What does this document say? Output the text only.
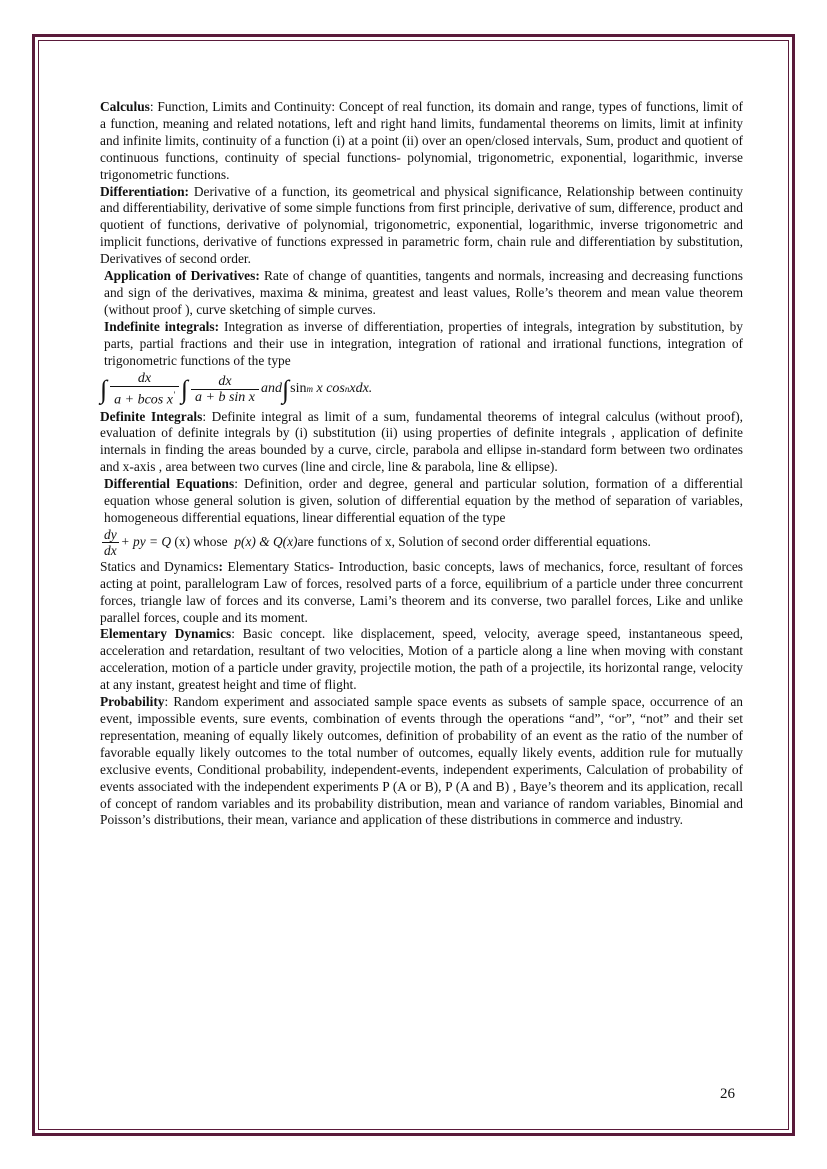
Calculus: Function, Limits and Continuity: Concept of real function, its domain and range, types of functions, limit of a function, meaning and related notations, left and right hand limits, fundamental theorems on limits, limit at infinity and infinite limits, continuity of a function (i) at a point (ii) over an open/closed intervals, Sum, product and quotient of continuous functions, continuity of special functions- polynomial, trigonometric, exponential, logarithmic, inverse trigonometric functions.

Differentiation: Derivative of a function, its geometrical and physical significance, Relationship between continuity and differentiability, derivative of some simple functions from first principle, derivative of sum, difference, product and quotient of functions, derivative of polynomial, trigonometric, exponential, logarithmic, inverse trigonometric and implicit functions, derivative of functions expressed in parametric form, chain rule and differentiation by substitution, Derivatives of second order.

Application of Derivatives: Rate of change of quantities, tangents and normals, increasing and decreasing functions and sign of the derivatives, maxima & minima, greatest and least values, Rolle’s theorem and mean value theorem (without proof ), curve sketching of simple curves.

Indefinite integrals: Integration as inverse of differentiation, properties of integrals, integration by substitution, by parts, partial fractions and their use in integration, integration of rational and irrational functions, integration of trigonometric functions of the type

∫ $\frac{dx}{a + bcos x'}$ ∫ $\frac{dx}{\text{a + b sin x}}$ and ∫ sin m
x cos n xdx.

Definite Integrals: Definite integral as limit of a sum, fundamental theorems of integral calculus (without proof), evaluation of definite integrals by (i) substitution (ii) using properties of definite integrals , application of definite internals in finding the areas bounded by a curve, circle, parabola and ellipse in-standard form between two ordinates and x-axis , area between two curves (line and circle, line & parabola, line & ellipse).

Differential Equations: Definition, order and degree, general and particular solution, formation of a differential equation whose general solution is given, solution of differential equation by the method of separation of variables, homogeneous differential equations, linear differential equation of the type

$\frac{dy}{dx}$ + py = Q (x) whose p(x) & Q(x) are functions of x, Solution of second order differential equations.

Statics and Dynamics: Elementary Statics- Introduction, basic concepts, laws of mechanics, force, resultant of forces acting at point, parallelogram Law of forces, resolved parts of a force, equilibrium of a particle under three concurrent forces, triangle law of forces and its converse, Lami’s theorem and its converse, two parallel forces, Like and unlike parallel forces, couple and its moment.

Elementary Dynamics: Basic concept. like displacement, speed, velocity, average speed, instantaneous speed, acceleration and retardation, resultant of two velocities, Motion of a particle along a line when moving with constant acceleration, motion of a particle under gravity, projectile motion, the path of a projectile, its horizontal range, velocity at any instant, greatest height and time of flight.

Probability: Random experiment and associated sample space events as subsets of sample space, occurrence of an event, impossible events, sure events, combination of events through the operations “and”, “or”, “not” and their set representation, meaning of equally likely outcomes, definition of probability of an event as the ratio of the number of favorable equally likely outcomes to the total number of outcomes, equally likely events, addition rule for mutually exclusive events, Conditional probability, independent-events, independent experiments, Calculation of probability of events associated with the independent experiments P (A or B), P (A and B) , Baye’s theorem and its application, recall of concept of random variables and its probability distribution, mean and variance of random variables, Binomial and Poisson’s distributions, their mean, variance and application of these distributions in commerce and industry.

26
